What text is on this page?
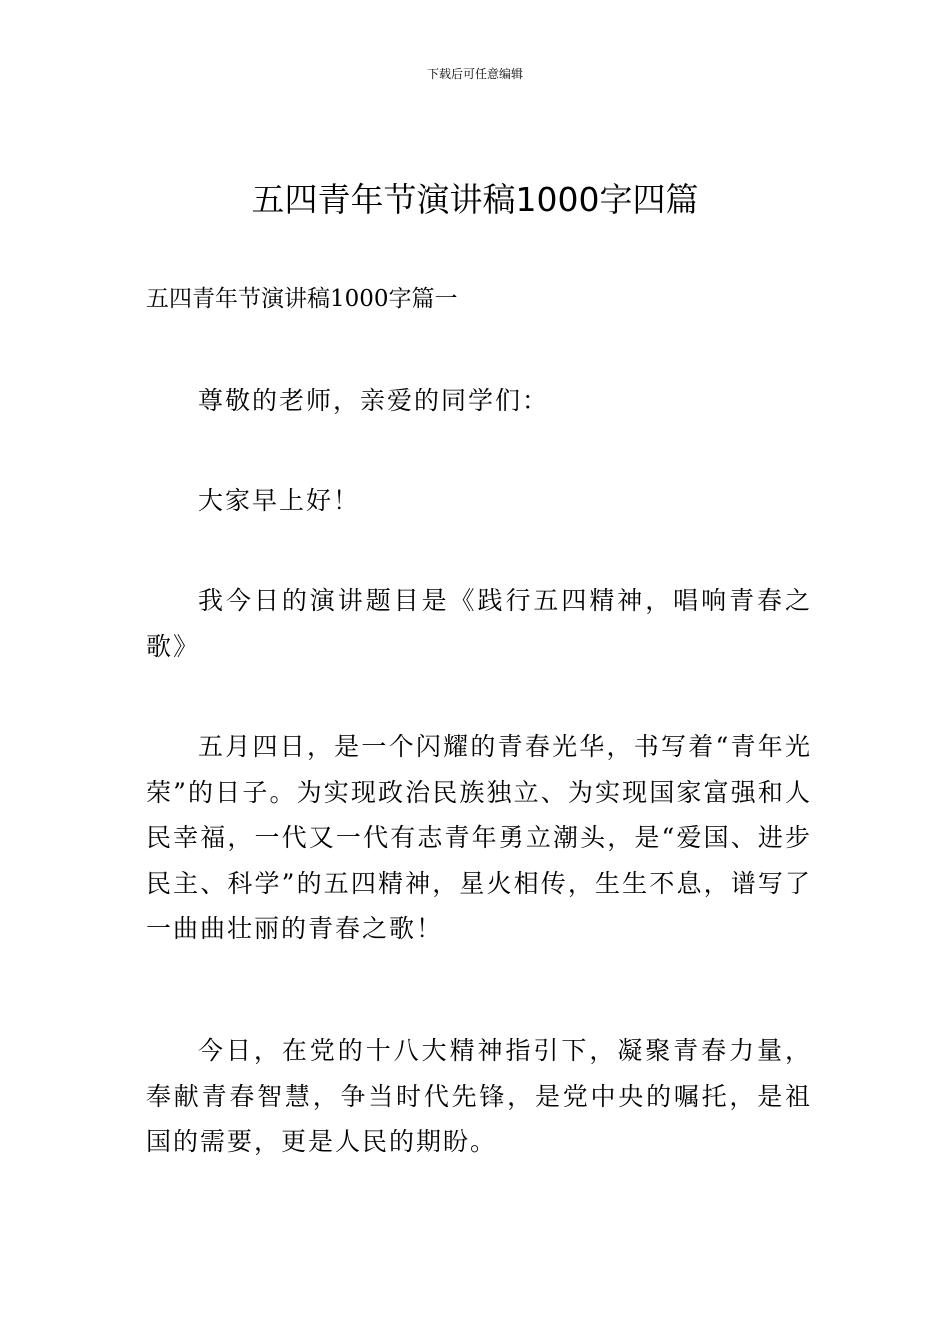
下载后可任意编辑
五四青年节演讲稿1000字四篇
五四青年节演讲稿1000字篇一

尊敬的老师，亲爱的同学们：

大家早上好！

我今日的演讲题目是《践行五四精神，唱响青春之歌》

五月四日，是一个闪耀的青春光华，书写着“青年光荣”的日子。为实现政治民族独立、为实现国家富强和人民幸福，一代又一代有志青年勇立潮头，是“爱国、进步民主、科学”的五四精神，星火相传，生生不息，谱写了一曲曲壮丽的青春之歌！

今日，在党的十八大精神指引下，凝聚青春力量，奉献青春智慧，争当时代先锋，是党中央的嘱托，是祖国的需要，更是人民的期盼。
